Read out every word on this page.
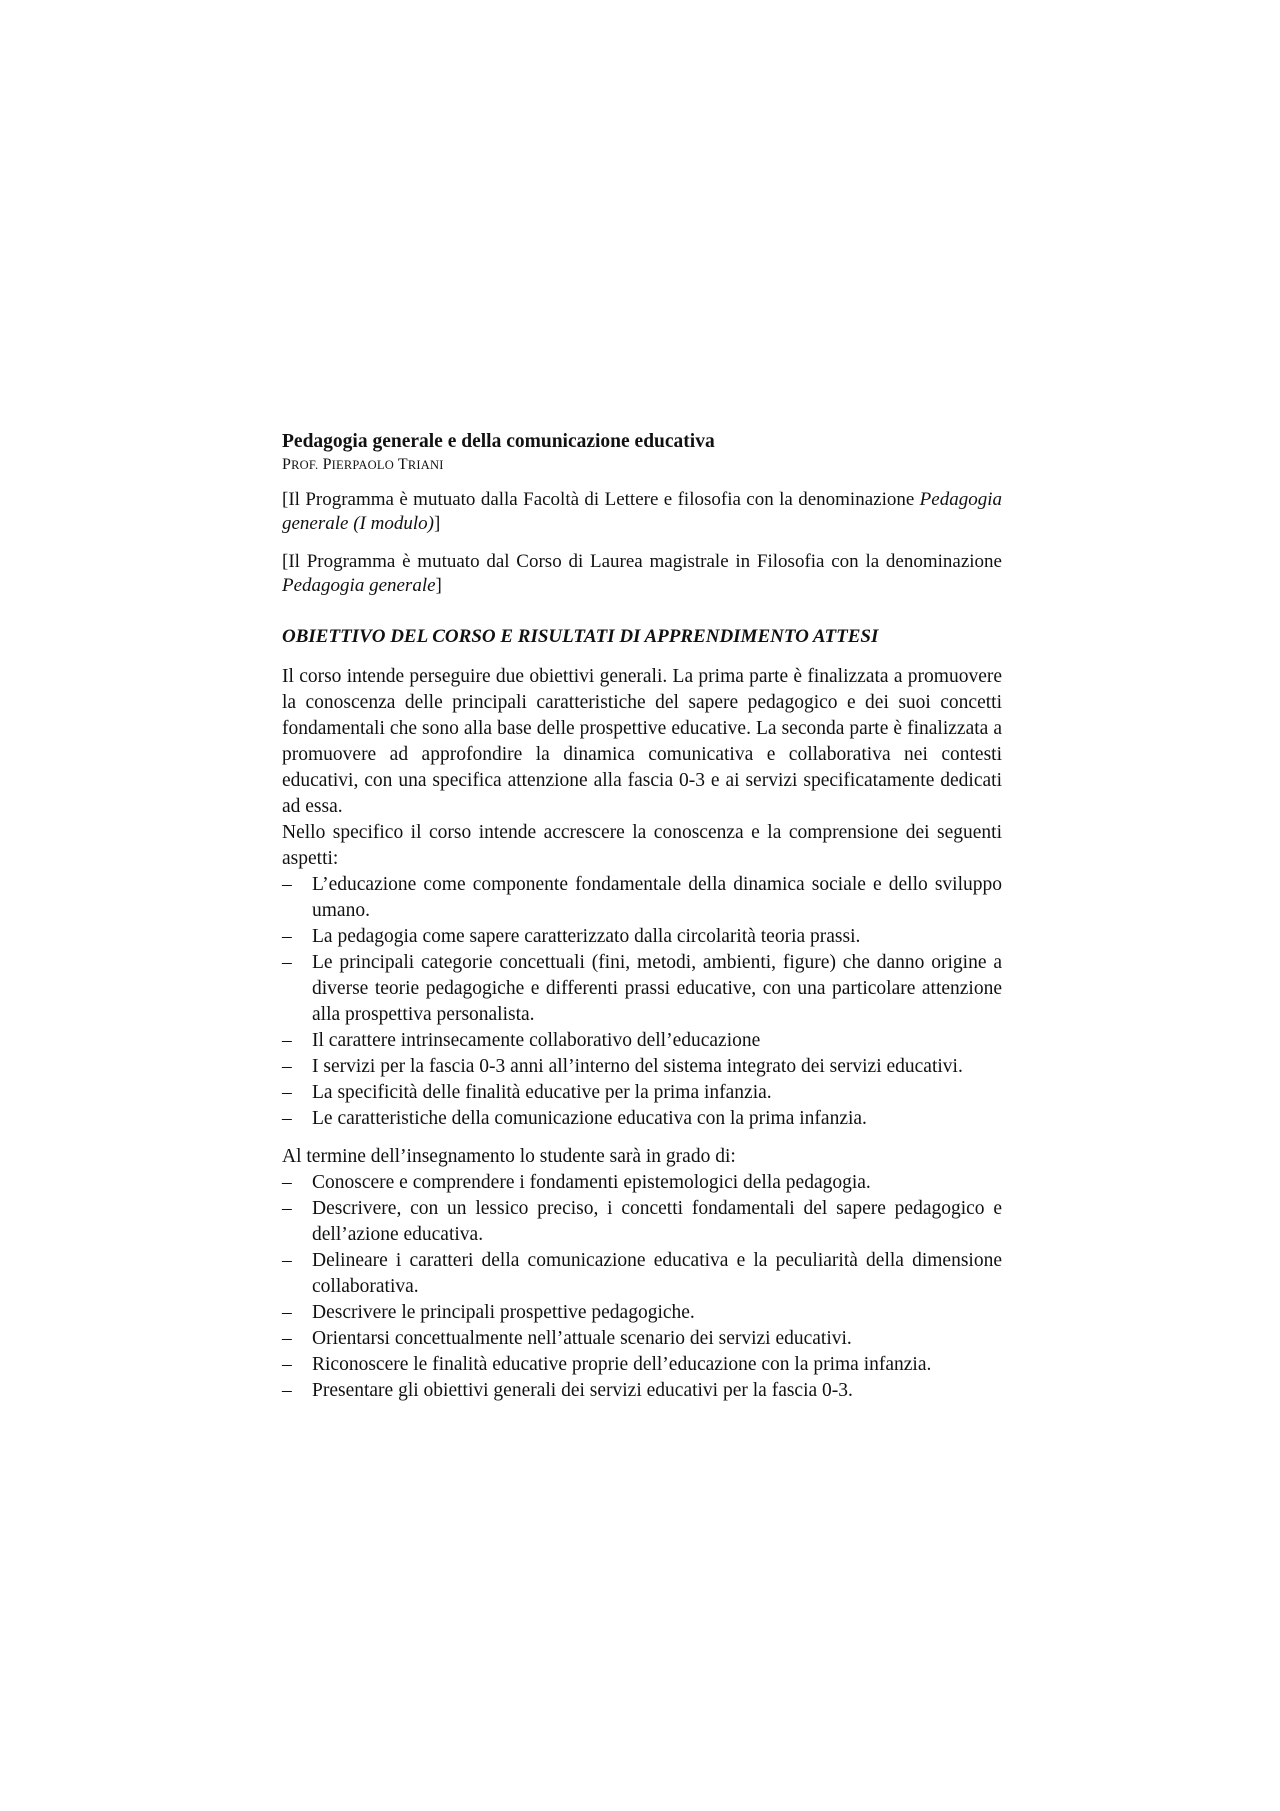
Pedagogia generale e della comunicazione educativa

PROF. PIERPAOLO TRIANI

[Il Programma è mutuato dalla Facoltà di Lettere e filosofia con la denominazione Pedagogia generale (I modulo)]

[Il Programma è mutuato dal Corso di Laurea magistrale in Filosofia con la denominazione Pedagogia generale]

OBIETTIVO DEL CORSO E RISULTATI DI APPRENDIMENTO ATTESI

Il corso intende perseguire due obiettivi generali. La prima parte è finalizzata a promuovere la conoscenza delle principali caratteristiche del sapere pedagogico e dei suoi concetti fondamentali che sono alla base delle prospettive educative. La seconda parte è finalizzata a promuovere ad approfondire la dinamica comunicativa e collaborativa nei contesti educativi, con una specifica attenzione alla fascia 0-3 e ai servizi specificatamente dedicati ad essa.

Nello specifico il corso intende accrescere la conoscenza e la comprensione dei seguenti aspetti:

– L’educazione come componente fondamentale della dinamica sociale e dello sviluppo umano.
– La pedagogia come sapere caratterizzato dalla circolarità teoria prassi.
– Le principali categorie concettuali (fini, metodi, ambienti, figure) che danno origine a diverse teorie pedagogiche e differenti prassi educative, con una particolare attenzione alla prospettiva personalista.
– Il carattere intrinsecamente collaborativo dell’educazione
– I servizi per la fascia 0-3 anni all’interno del sistema integrato dei servizi educativi.
– La specificità delle finalità educative per la prima infanzia.
– Le caratteristiche della comunicazione educativa con la prima infanzia.

Al termine dell’insegnamento lo studente sarà in grado di:

– Conoscere e comprendere i fondamenti epistemologici della pedagogia.
– Descrivere, con un lessico preciso, i concetti fondamentali del sapere pedagogico e dell’azione educativa.
– Delineare i caratteri della comunicazione educativa e la peculiarità della dimensione collaborativa.
– Descrivere le principali prospettive pedagogiche.
– Orientarsi concettualmente nell’attuale scenario dei servizi educativi.
– Riconoscere le finalità educative proprie dell’educazione con la prima infanzia.
– Presentare gli obiettivi generali dei servizi educativi per la fascia 0-3.
